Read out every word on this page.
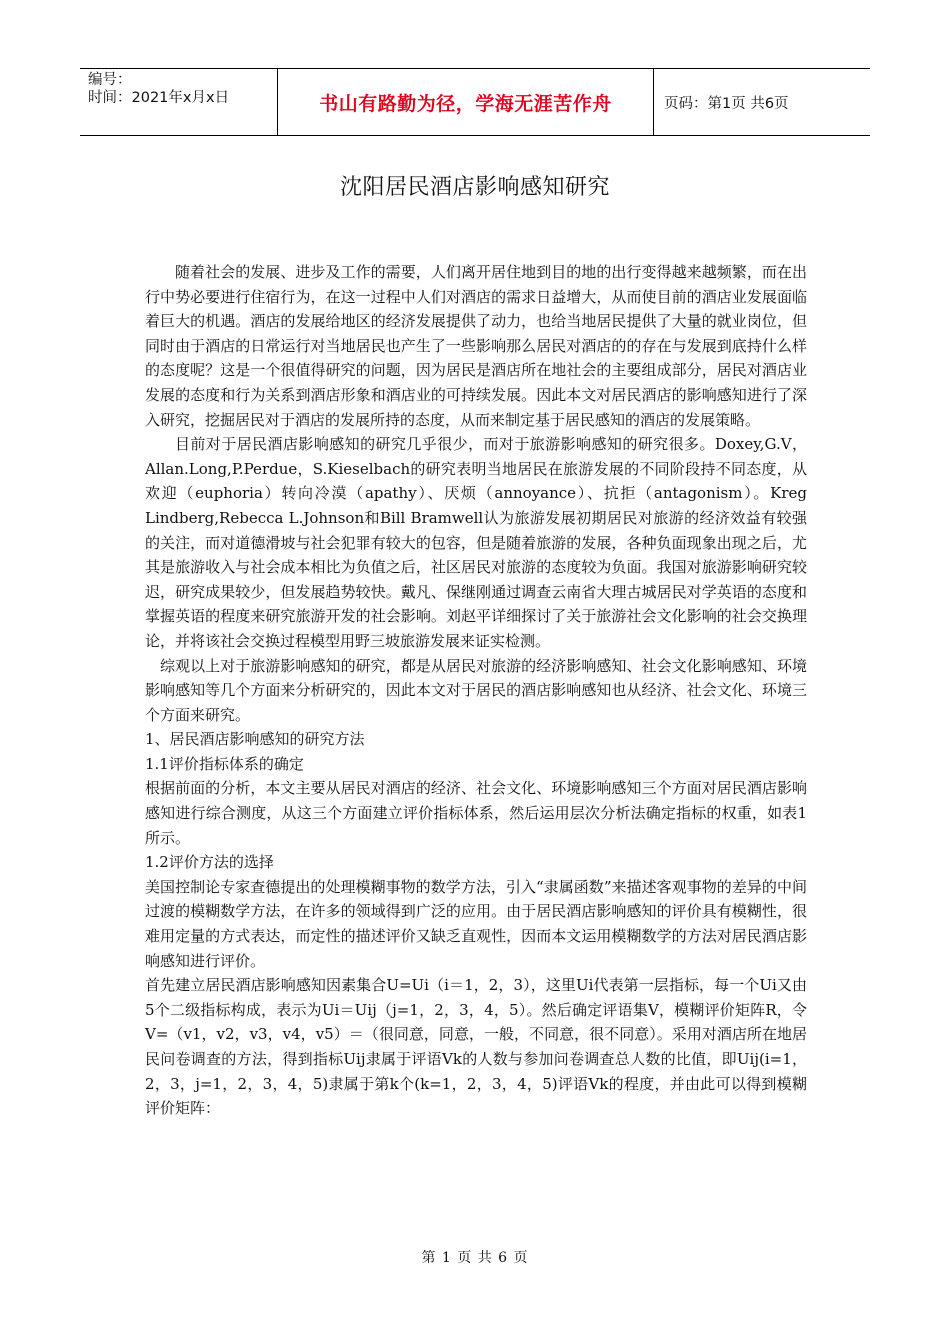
编号：
时间：2021年x月x日	书山有路勤为径，学海无涯苦作舟	页码：第1页 共6页
沈阳居民酒店影响感知研究

随着社会的发展、进步及工作的需要，人们离开居住地到目的地的出行变得越来越频繁，而在出行中势必要进行住宿行为，在这一过程中人们对酒店的需求日益增大，从而使目前的酒店业发展面临着巨大的机遇。酒店的发展给地区的经济发展提供了动力，也给当地居民提供了大量的就业岗位，但同时由于酒店的日常运行对当地居民也产生了一些影响那么居民对酒店的的存在与发展到底持什么样的态度呢？这是一个很值得研究的问题，因为居民是酒店所在地社会的主要组成部分，居民对酒店业发展的态度和行为关系到酒店形象和酒店业的可持续发展。因此本文对居民酒店的影响感知进行了深入研究，挖掘居民对于酒店的发展所持的态度，从而来制定基于居民感知的酒店的发展策略。

目前对于居民酒店影响感知的研究几乎很少，而对于旅游影响感知的研究很多。Doxey,G.V，Allan.Long,P.Perdue，S.Kieselbach的研究表明当地居民在旅游发展的不同阶段持不同态度，从欢迎（euphoria）转向冷漠（apathy）、厌烦（annoyance）、抗拒（antagonism）。Kreg Lindberg,Rebecca L.Johnson和Bill Bramwell认为旅游发展初期居民对旅游的经济效益有较强的关注，而对道德滑坡与社会犯罪有较大的包容，但是随着旅游的发展，各种负面现象出现之后，尤其是旅游收入与社会成本相比为负值之后，社区居民对旅游的态度较为负面。我国对旅游影响研究较迟，研究成果较少，但发展趋势较快。戴凡、保继刚通过调查云南省大理古城居民对学英语的态度和掌握英语的程度来研究旅游开发的社会影响。刘赵平详细探讨了关于旅游社会文化影响的社会交换理论，并将该社会交换过程模型用野三坡旅游发展来证实检测。

综观以上对于旅游影响感知的研究，都是从居民对旅游的经济影响感知、社会文化影响感知、环境影响感知等几个方面来分析研究的，因此本文对于居民的酒店影响感知也从经济、社会文化、环境三个方面来研究。

1、居民酒店影响感知的研究方法

1.1评价指标体系的确定

根据前面的分析，本文主要从居民对酒店的经济、社会文化、环境影响感知三个方面对居民酒店影响感知进行综合测度，从这三个方面建立评价指标体系，然后运用层次分析法确定指标的权重，如表1所示。

1.2评价方法的选择

美国控制论专家查德提出的处理模糊事物的数学方法，引入“隶属函数”来描述客观事物的差异的中间过渡的模糊数学方法，在许多的领域得到广泛的应用。由于居民酒店影响感知的评价具有模糊性，很难用定量的方式表达，而定性的描述评价又缺乏直观性，因而本文运用模糊数学的方法对居民酒店影响感知进行评价。

首先建立居民酒店影响感知因素集合U=Ui（i＝1，2，3），这里Ui代表第一层指标，每一个Ui又由5个二级指标构成，表示为Ui＝Uij（j=1，2，3，4，5）。然后确定评语集V，模糊评价矩阵R，令V=（v1，v2，v3，v4，v5）＝（很同意，同意，一般，不同意，很不同意）。采用对酒店所在地居民问卷调查的方法，得到指标Uij隶属于评语Vk的人数与参加问卷调查总人数的比值，即Uij(i=1，2，3，j=1，2，3，4，5)隶属于第k个(k=1，2，3，4，5)评语Vk的程度，并由此可以得到模糊评价矩阵：

第 1 页 共 6 页
